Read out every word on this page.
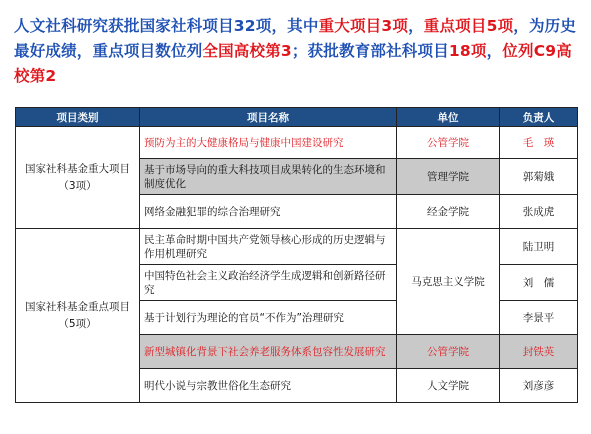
人文社科研究获批国家社科项目32项，其中重大项目3项，重点项目5项，为历史最好成绩，重点项目数位列全国高校第3；获批教育部社科项目18项，位列C9高校第2
项目类别	项目名称	单位	负责人

国家社科基金重大项目
（3项）	预防为主的大健康格局与健康中国建设研究	公管学院	毛　瑛
	基于市场导向的重大科技项目成果转化的生态环境和制度优化	管理学院	郭菊娥
	网络金融犯罪的综合治理研究	经金学院	张成虎

国家社科基金重点项目
（5项）	民主革命时期中国共产党领导核心形成的历史逻辑与作用机理研究	马克思主义学院	陆卫明
	中国特色社会主义政治经济学生成逻辑和创新路径研究		刘　儒
	基于计划行为理论的官员“不作为”治理研究		李景平
	新型城镇化背景下社会养老服务体系包容性发展研究	公管学院	封铁英
	明代小说与宗教世俗化生态研究	人文学院	刘彦彦
